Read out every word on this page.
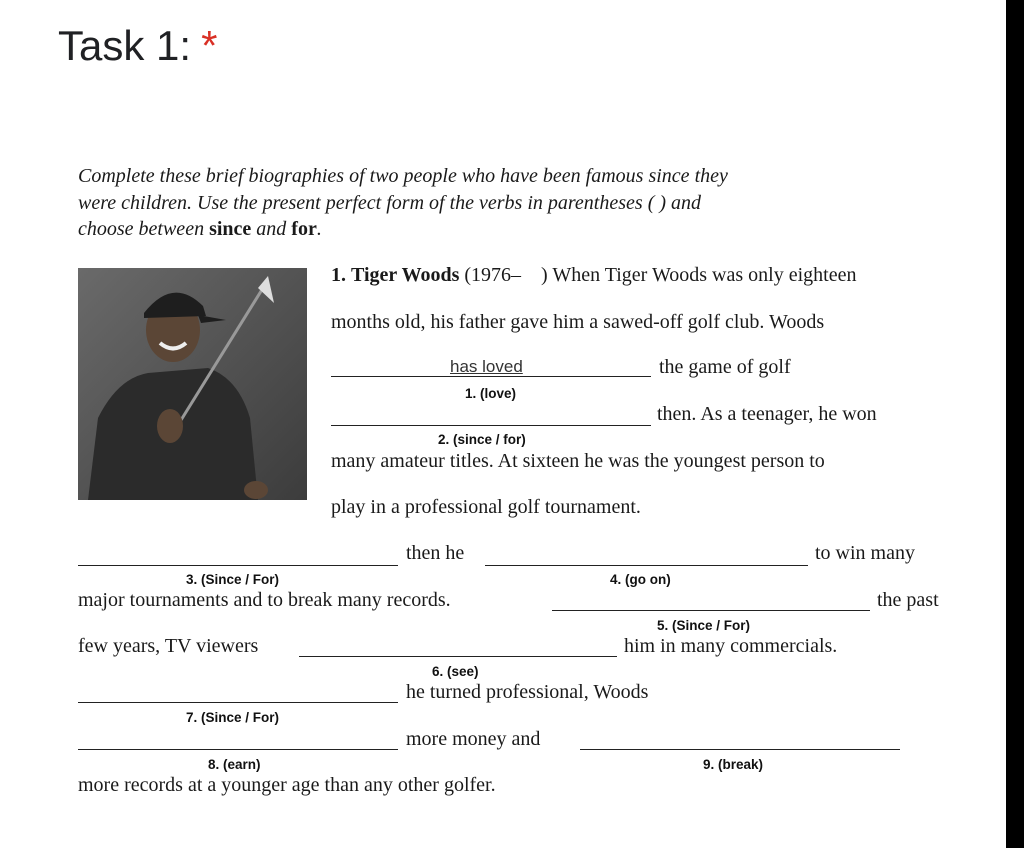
Task 1: *
Complete these brief biographies of two people who have been famous since they
were children. Use the present perfect form of the verbs in parentheses ( ) and
choose between since and for.
1. Tiger Woods (1976– ) When Tiger Woods was only eighteen
months old, his father gave him a sawed-off golf club. Woods
has loved	the game of golf
1. (love)
then. As a teenager, he won
2. (since / for)
many amateur titles. At sixteen he was the youngest person to
play in a professional golf tournament.
then he	to win many
3. (Since / For)	4. (go on)
major tournaments and to break many records.	the past
5. (Since / For)
few years, TV viewers	him in many commercials.
6. (see)
he turned professional, Woods
7. (Since / For)
more money and
8. (earn)	9. (break)
more records at a younger age than any other golfer.
